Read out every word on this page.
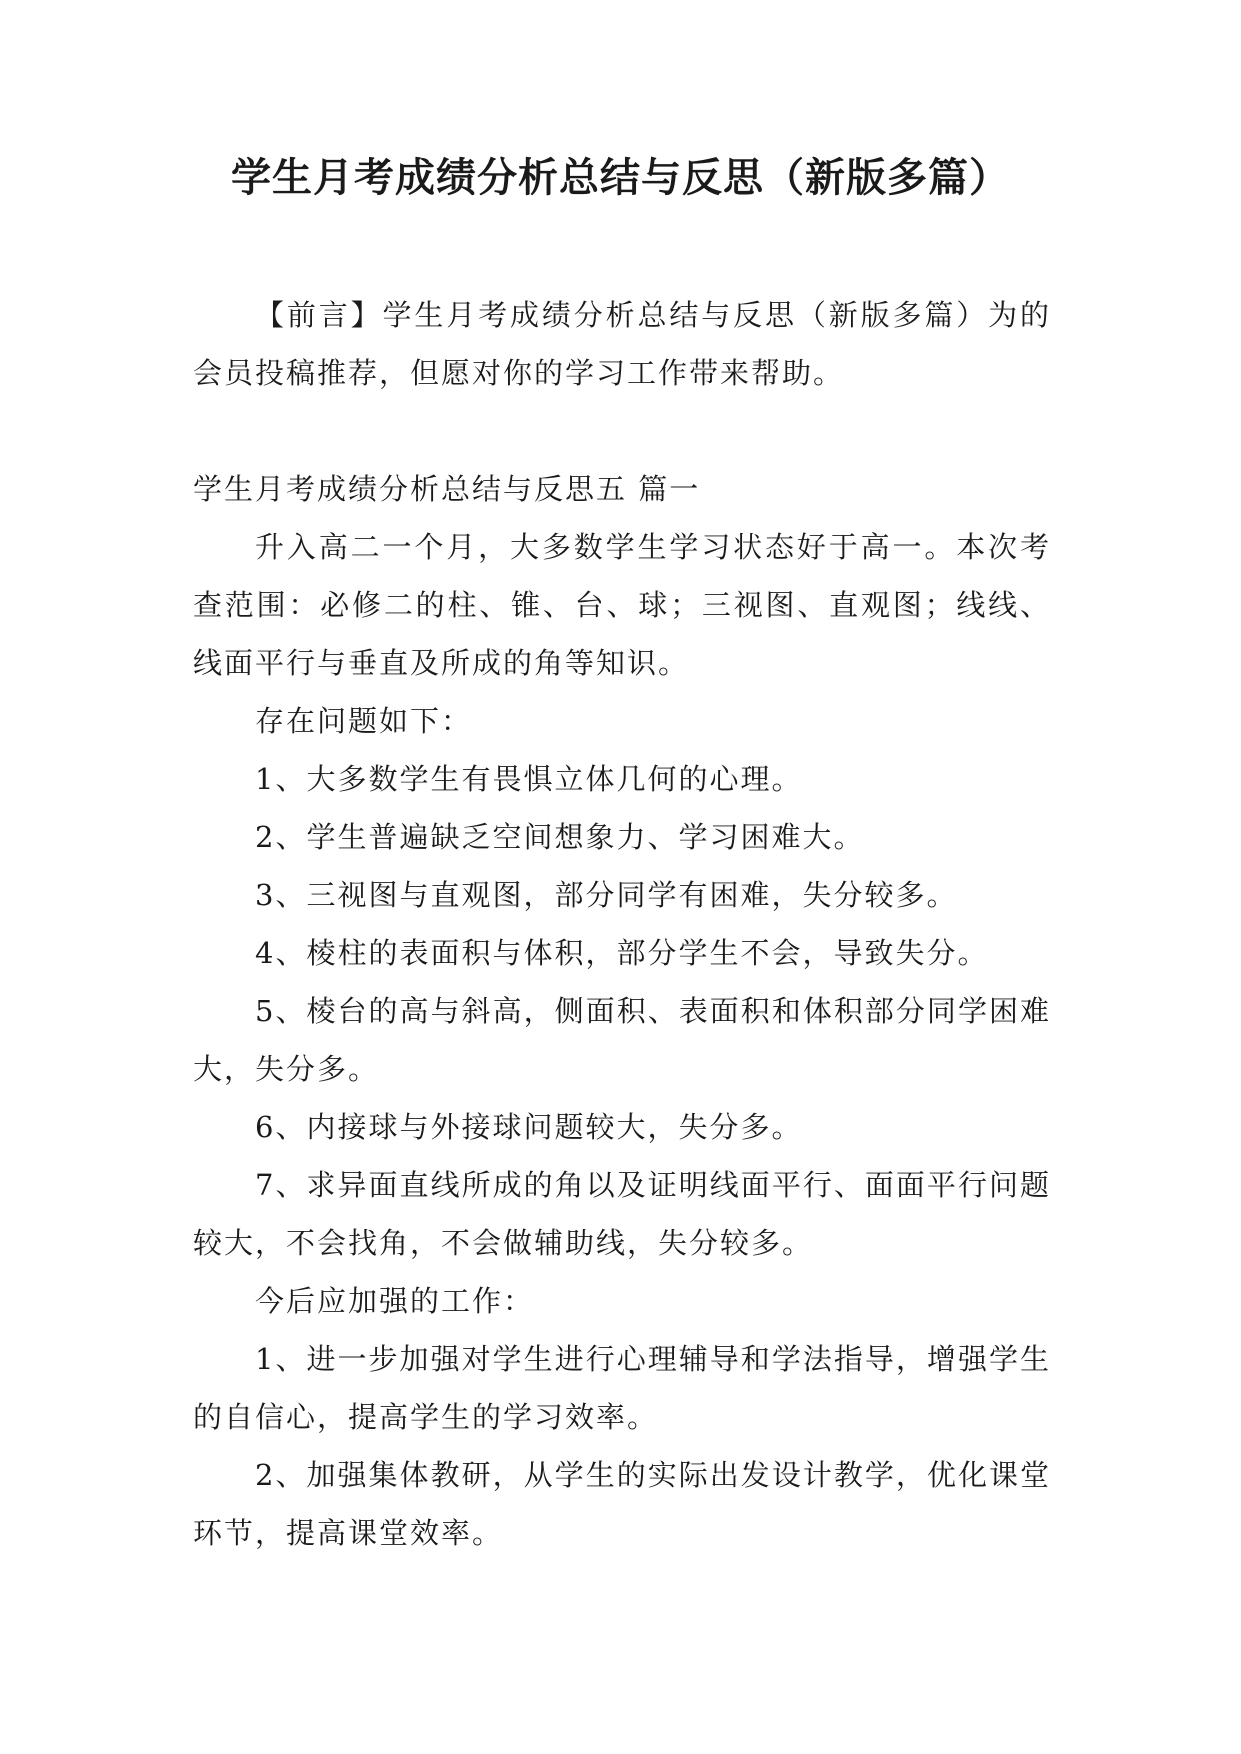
学生月考成绩分析总结与反思（新版多篇）

【前言】学生月考成绩分析总结与反思（新版多篇）为的会员投稿推荐，但愿对你的学习工作带来帮助。

学生月考成绩分析总结与反思五 篇一

升入高二一个月，大多数学生学习状态好于高一。本次考查范围：必修二的柱、锥、台、球；三视图、直观图；线线、线面平行与垂直及所成的角等知识。

存在问题如下：

1、大多数学生有畏惧立体几何的心理。

2、学生普遍缺乏空间想象力、学习困难大。

3、三视图与直观图，部分同学有困难，失分较多。

4、棱柱的表面积与体积，部分学生不会，导致失分。

5、棱台的高与斜高，侧面积、表面积和体积部分同学困难大，失分多。

6、内接球与外接球问题较大，失分多。

7、求异面直线所成的角以及证明线面平行、面面平行问题较大，不会找角，不会做辅助线，失分较多。

今后应加强的工作：

1、进一步加强对学生进行心理辅导和学法指导，增强学生的自信心，提高学生的学习效率。

2、加强集体教研，从学生的实际出发设计教学，优化课堂环节，提高课堂效率。
